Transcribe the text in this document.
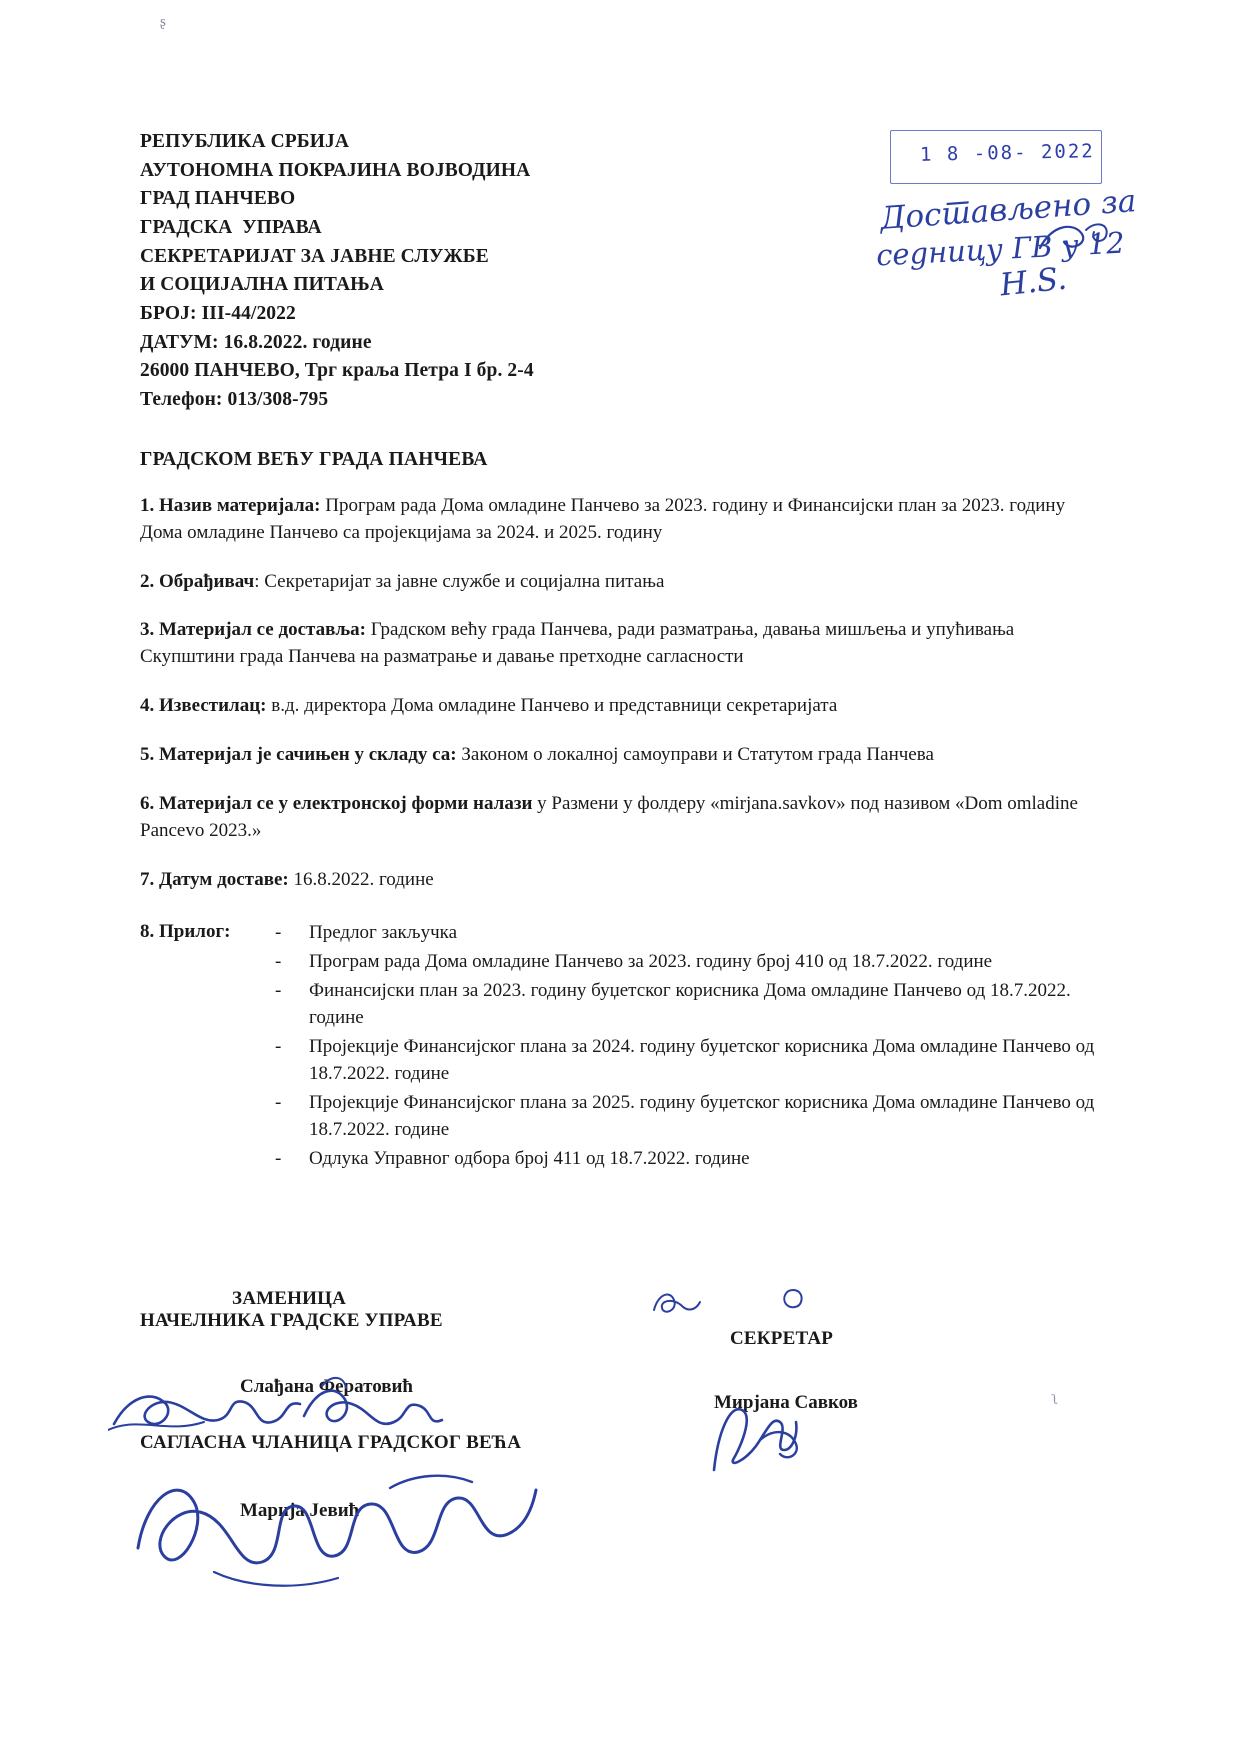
ʂ
ʅ
1 8 -08- 2022
Достављено за
седницу ГВ у 12
H.S.
РЕПУБЛИКА СРБИЈА
АУТОНОМНА ПОКРАЈИНА ВОЈВОДИНА
ГРАД ПАНЧЕВО
ГРАДСКА  УПРАВА
СЕКРЕТАРИЈАТ ЗА ЈАВНЕ СЛУЖБЕ
И СОЦИЈАЛНА ПИТАЊА
БРОЈ: III-44/2022
ДАТУМ: 16.8.2022. године
26000 ПАНЧЕВО, Трг краља Петра I бр. 2-4
Телефон: 013/308-795
ГРАДСКОМ ВЕЋУ ГРАДА ПАНЧЕВА
1. Назив материјала: Програм рада Дома омладине Панчево за 2023. годину и Финансијски план за 2023. годину Дома омладине Панчево са пројекцијама за 2024. и 2025. годину
2. Обрађивач: Секретаријат за јавне службе и социјална питања
3. Материјал се доставља: Градском већу града Панчева, ради разматрања, давања мишљења и упућивања Скупштини града Панчева на разматрање и давање претходне сагласности
4. Известилац: в.д. директора Дома омладине Панчево и представници секретаријата
5. Материјал је сачињен у складу са: Законом о локалној самоуправи и Статутом града Панчева
6. Материјал се у електронској форми налази у Размени у фолдеру «mirjana.savkov» под називом «Dom omladine Pancevo 2023.»
7. Датум доставе: 16.8.2022. године
8. Прилог:	-	Предлог закључка
-	Програм рада Дома омладине Панчево за 2023. годину број 410 од 18.7.2022. године
-	Финансијски план за 2023. годину буџетског корисника Дома омладине Панчево од 18.7.2022. године
-	Пројекције Финансијског плана за 2024. годину буџетског корисника Дома омладине Панчево од 18.7.2022. године
-	Пројекције Финансијског плана за 2025. годину буџетског корисника Дома омладине Панчево од 18.7.2022. године
-	Одлука Управног одбора број 411 од 18.7.2022. године
ЗАМЕНИЦА
НАЧЕЛНИКА ГРАДСКЕ УПРАВЕ
Слађана Фератовић
САГЛАСНА ЧЛАНИЦА ГРАДСКОГ ВЕЋА
Марија Јевић
СЕКРЕТАР
Мирјана Савков
